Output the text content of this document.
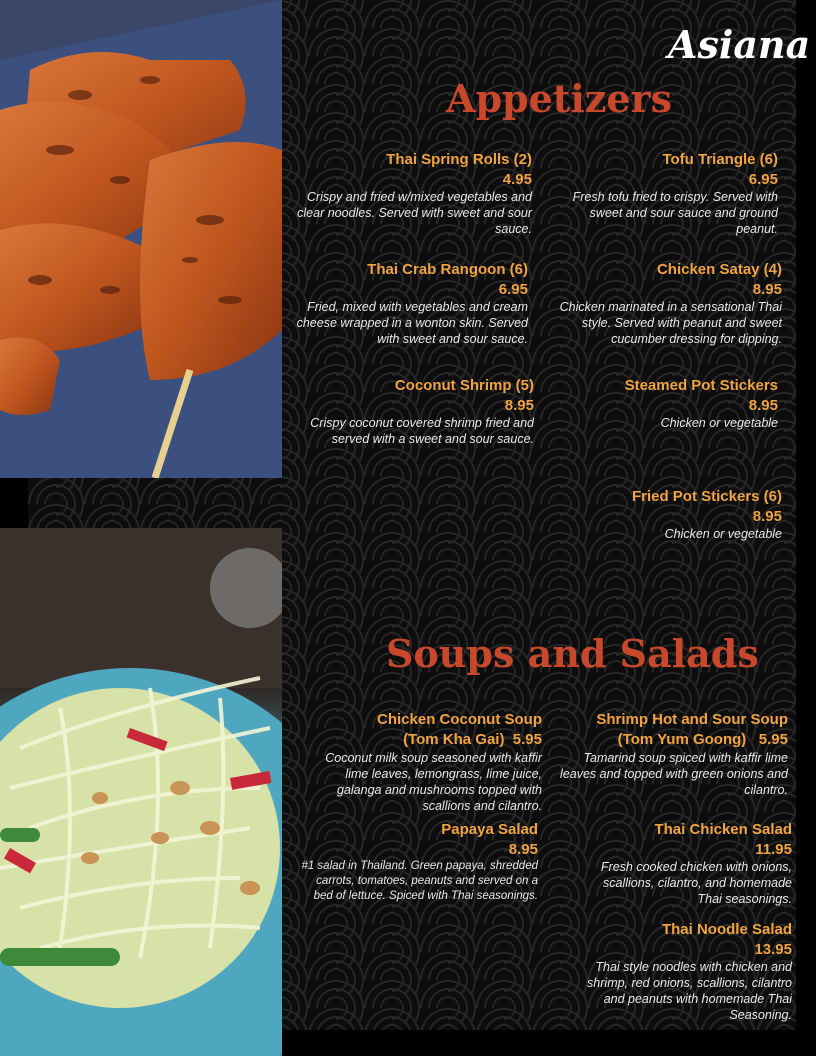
Asiana
Appetizers
Thai Spring Rolls (2)
4.95
Crispy and fried w/mixed vegetables and clear noodles. Served with sweet and sour sauce.
Tofu Triangle (6)
6.95
Fresh tofu fried to crispy. Served with sweet and sour sauce and ground peanut.
Thai Crab Rangoon (6)
6.95
Fried, mixed with vegetables and cream cheese wrapped in a wonton skin. Served with sweet and sour sauce.
Chicken Satay (4)
8.95
Chicken marinated in a sensational Thai style. Served with peanut and sweet cucumber dressing for dipping.
Coconut Shrimp (5)
8.95
Crispy coconut covered shrimp fried and served with a sweet and sour sauce.
Steamed Pot Stickers
8.95
Chicken or vegetable
Fried Pot Stickers (6)
8.95
Chicken or vegetable
Soups and Salads
Chicken Coconut Soup
(Tom Kha Gai) 5.95
Coconut milk soup seasoned with kaffir lime leaves, lemongrass, lime juice, galanga and mushrooms topped with scallions and cilantro.
Shrimp Hot and Sour Soup
(Tom Yum Goong) 5.95
Tamarind soup spiced with kaffir lime leaves and topped with green onions and cilantro.
Papaya Salad
8.95
#1 salad in Thailand. Green papaya, shredded carrots, tomatoes, peanuts and served on a bed of lettuce. Spiced with Thai seasonings.
Thai Chicken Salad
11.95
Fresh cooked chicken with onions, scallions, cilantro, and homemade Thai seasonings.
Thai Noodle Salad
13.95
Thai style noodles with chicken and shrimp, red onions, scallions, cilantro and peanuts with homemade Thai Seasoning.
